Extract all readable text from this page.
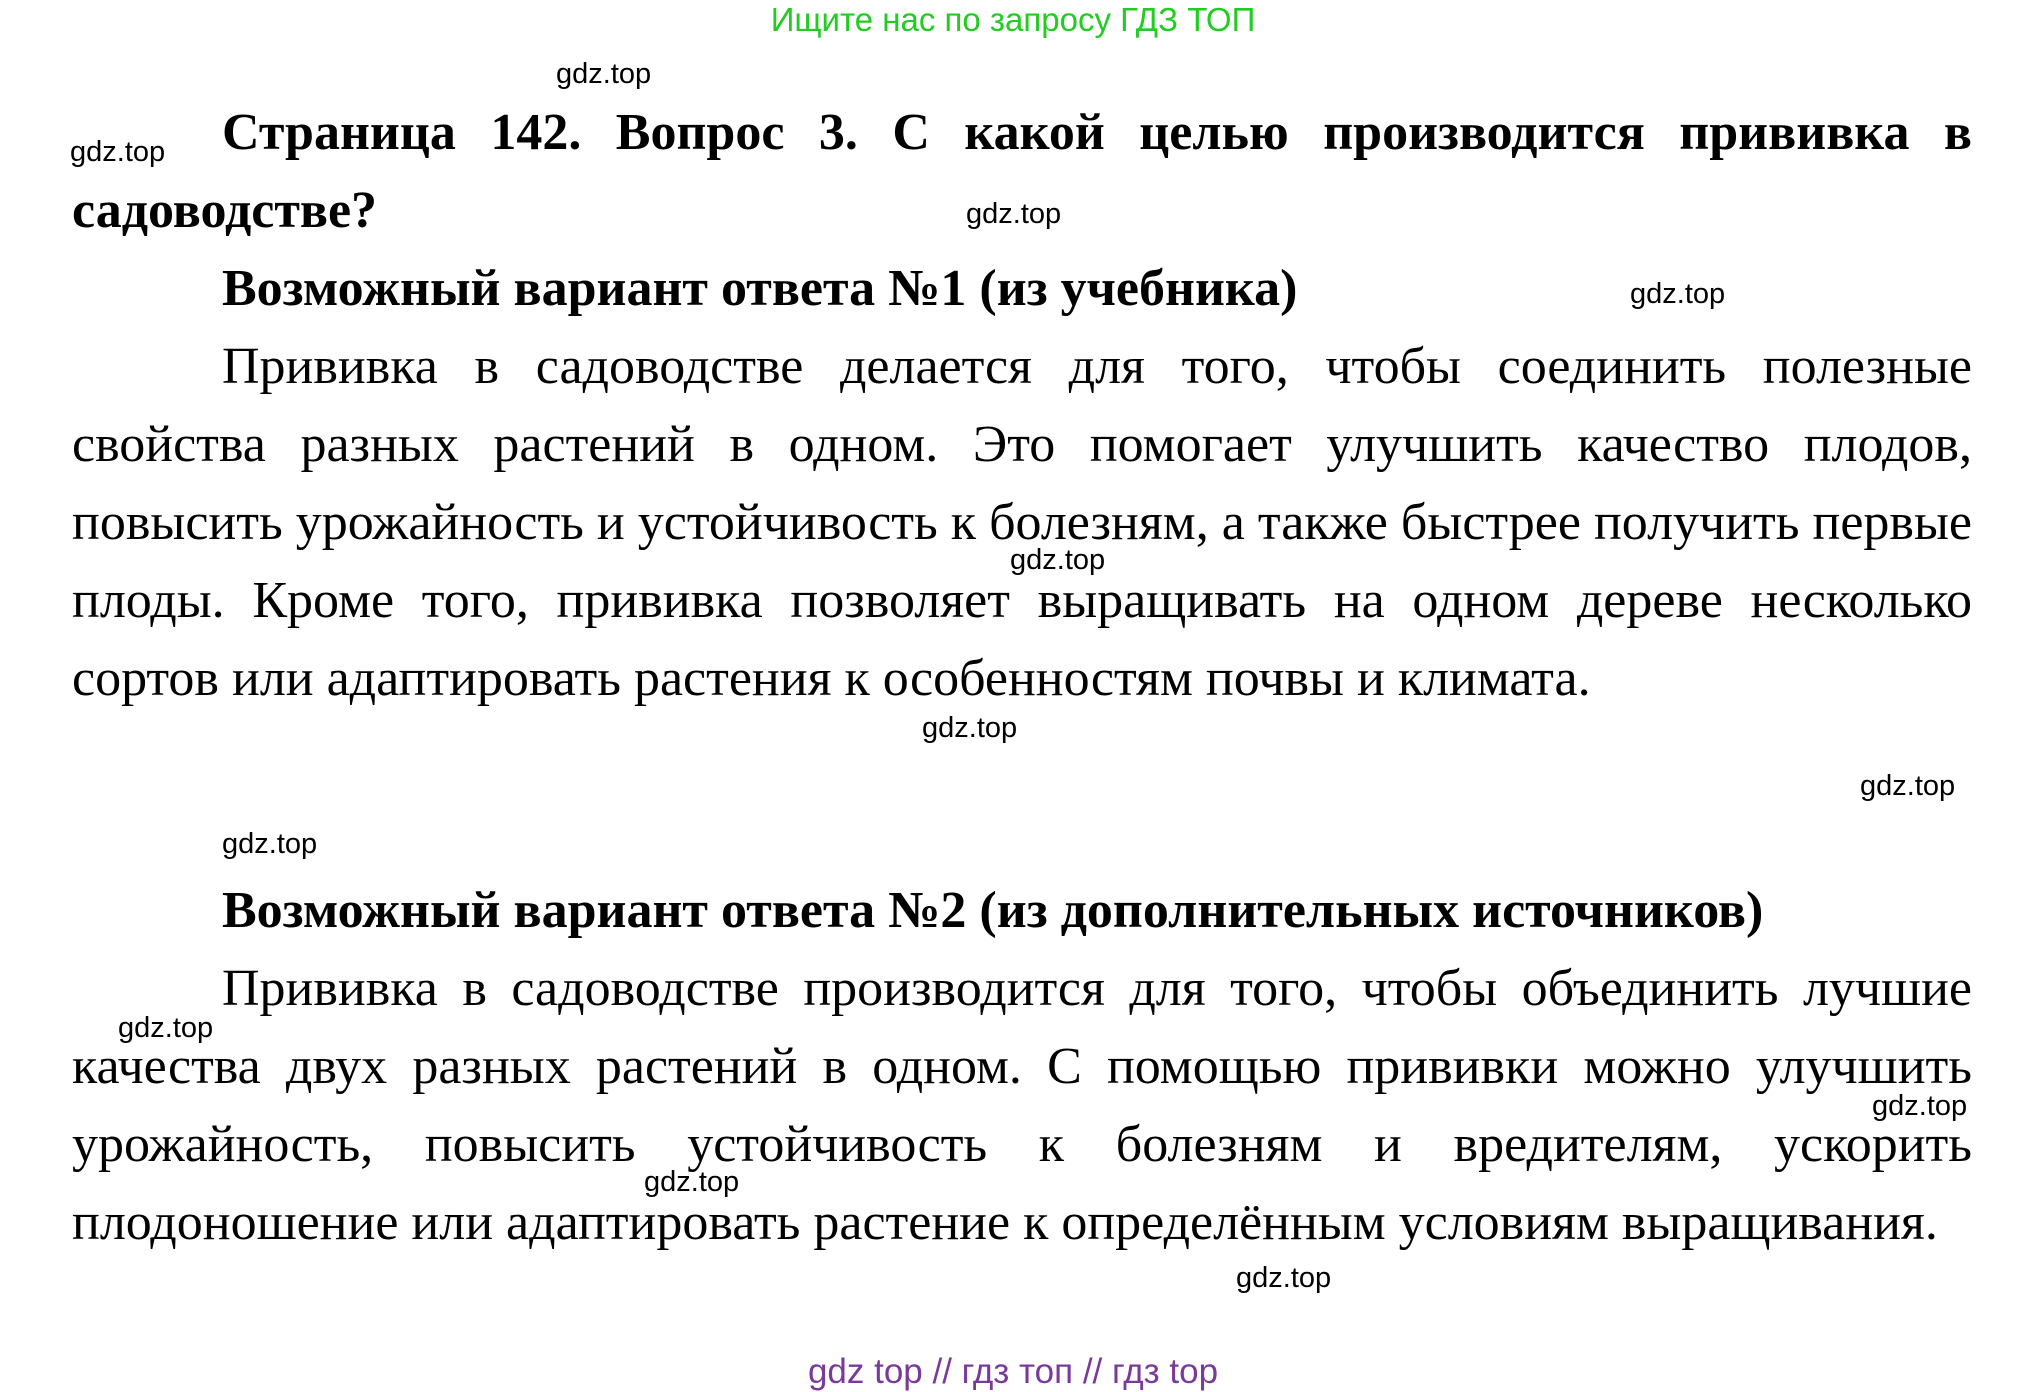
Ищите нас по запросу ГДЗ ТОП
Страница 142. Вопрос 3. С какой целью производится прививка в садоводстве?
Возможный вариант ответа №1 (из учебника)
Прививка в садоводстве делается для того, чтобы соединить полезные свойства разных растений в одном. Это помогает улучшить качество плодов, повысить урожайность и устойчивость к болезням, а также быстрее получить первые плоды. Кроме того, прививка позволяет выращивать на одном дереве несколько сортов или адаптировать растения к особенностям почвы и климата.
Возможный вариант ответа №2 (из дополнительных источников)
Прививка в садоводстве производится для того, чтобы объединить лучшие качества двух разных растений в одном. С помощью прививки можно улучшить урожайность, повысить устойчивость к болезням и вредителям, ускорить плодоношение или адаптировать растение к определённым условиям выращивания.
gdz.top
gdz.top
gdz.top
gdz.top
gdz.top
gdz.top
gdz.top
gdz.top
gdz.top
gdz.top
gdz.top
gdz.top
gdz top // гдз топ // гдз top
